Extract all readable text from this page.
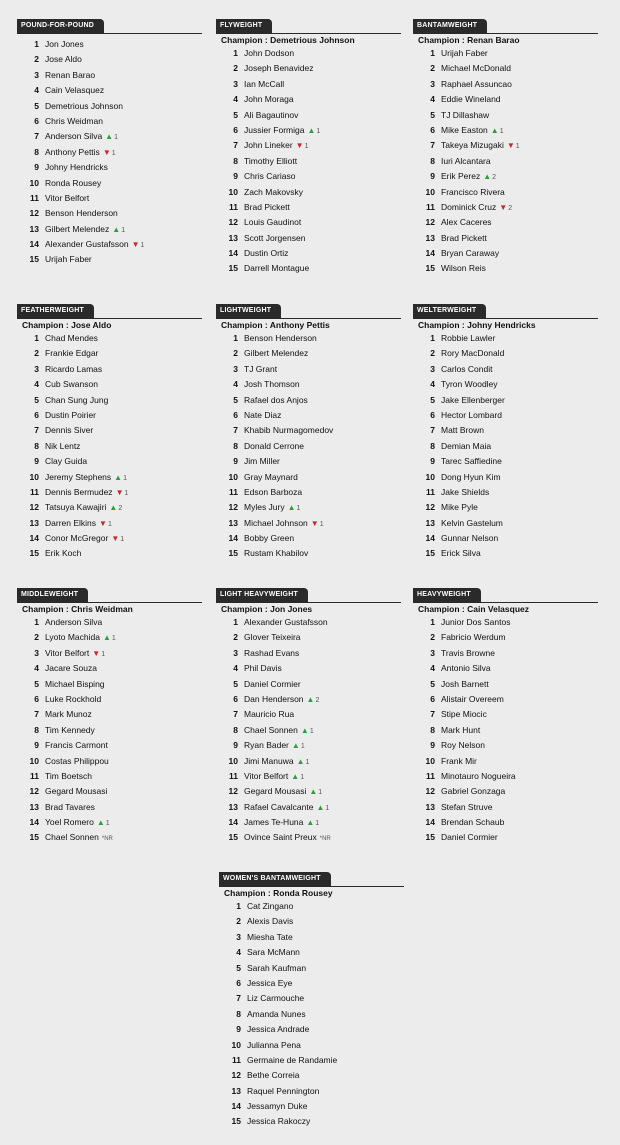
POUND-FOR-POUND
1 Jon Jones
2 Jose Aldo
3 Renan Barao
4 Cain Velasquez
5 Demetrious Johnson
6 Chris Weidman
7 Anderson Silva ▲1
8 Anthony Pettis ▼1
9 Johny Hendricks
10 Ronda Rousey
11 Vitor Belfort
12 Benson Henderson
13 Gilbert Melendez ▲1
14 Alexander Gustafsson ▼1
15 Urijah Faber
FLYWEIGHT
Champion : Demetrious Johnson
1 John Dodson
2 Joseph Benavidez
3 Ian McCall
4 John Moraga
5 Ali Bagautinov
6 Jussier Formiga ▲1
7 John Lineker ▼1
8 Timothy Elliott
9 Chris Cariaso
10 Zach Makovsky
11 Brad Pickett
12 Louis Gaudinot
13 Scott Jorgensen
14 Dustin Ortiz
15 Darrell Montague
BANTAMWEIGHT
Champion : Renan Barao
1 Urijah Faber
2 Michael McDonald
3 Raphael Assuncao
4 Eddie Wineland
5 TJ Dillashaw
6 Mike Easton ▲1
7 Takeya Mizugaki ▼1
8 Iuri Alcantara
9 Erik Perez ▲2
10 Francisco Rivera
11 Dominick Cruz ▼2
12 Alex Caceres
13 Brad Pickett
14 Bryan Caraway
15 Wilson Reis
FEATHERWEIGHT
Champion : Jose Aldo
1 Chad Mendes
2 Frankie Edgar
3 Ricardo Lamas
4 Cub Swanson
5 Chan Sung Jung
6 Dustin Poirier
7 Dennis Siver
8 Nik Lentz
9 Clay Guida
10 Jeremy Stephens ▲1
11 Dennis Bermudez ▼1
12 Tatsuya Kawajiri ▲2
13 Darren Elkins ▼1
14 Conor McGregor ▼1
15 Erik Koch
LIGHTWEIGHT
Champion : Anthony Pettis
1 Benson Henderson
2 Gilbert Melendez
3 TJ Grant
4 Josh Thomson
5 Rafael dos Anjos
6 Nate Diaz
7 Khabib Nurmagomedov
8 Donald Cerrone
9 Jim Miller
10 Gray Maynard
11 Edson Barboza
12 Myles Jury ▲1
13 Michael Johnson ▼1
14 Bobby Green
15 Rustam Khabilov
WELTERWEIGHT
Champion : Johny Hendricks
1 Robbie Lawler
2 Rory MacDonald
3 Carlos Condit
4 Tyron Woodley
5 Jake Ellenberger
6 Hector Lombard
7 Matt Brown
8 Demian Maia
9 Tarec Saffiedine
10 Dong Hyun Kim
11 Jake Shields
12 Mike Pyle
13 Kelvin Gastelum
14 Gunnar Nelson
15 Erick Silva
MIDDLEWEIGHT
Champion : Chris Weidman
1 Anderson Silva
2 Lyoto Machida ▲1
3 Vitor Belfort ▼1
4 Jacare Souza
5 Michael Bisping
6 Luke Rockhold
7 Mark Munoz
8 Tim Kennedy
9 Francis Carmont
10 Costas Philippou
11 Tim Boetsch
12 Gegard Mousasi
13 Brad Tavares
14 Yoel Romero ▲1
15 Chael Sonnen *NR
LIGHT HEAVYWEIGHT
Champion : Jon Jones
1 Alexander Gustafsson
2 Glover Teixeira
3 Rashad Evans
4 Phil Davis
5 Daniel Cormier
6 Dan Henderson ▲2
7 Mauricio Rua
8 Chael Sonnen ▲1
9 Ryan Bader ▲1
10 Jimi Manuwa ▲1
11 Vitor Belfort ▲1
12 Gegard Mousasi ▲1
13 Rafael Cavalcante ▲1
14 James Te-Huna ▲1
15 Ovince Saint Preux *NR
HEAVYWEIGHT
Champion : Cain Velasquez
1 Junior Dos Santos
2 Fabricio Werdum
3 Travis Browne
4 Antonio Silva
5 Josh Barnett
6 Alistair Overeem
7 Stipe Miocic
8 Mark Hunt
9 Roy Nelson
10 Frank Mir
11 Minotauro Nogueira
12 Gabriel Gonzaga
13 Stefan Struve
14 Brendan Schaub
15 Daniel Cormier
WOMEN'S BANTAMWEIGHT
Champion : Ronda Rousey
1 Cat Zingano
2 Alexis Davis
3 Miesha Tate
4 Sara McMann
5 Sarah Kaufman
6 Jessica Eye
7 Liz Carmouche
8 Amanda Nunes
9 Jessica Andrade
10 Julianna Pena
11 Germaine de Randamie
12 Bethe Correia
13 Raquel Pennington
14 Jessamyn Duke
15 Jessica Rakoczy
